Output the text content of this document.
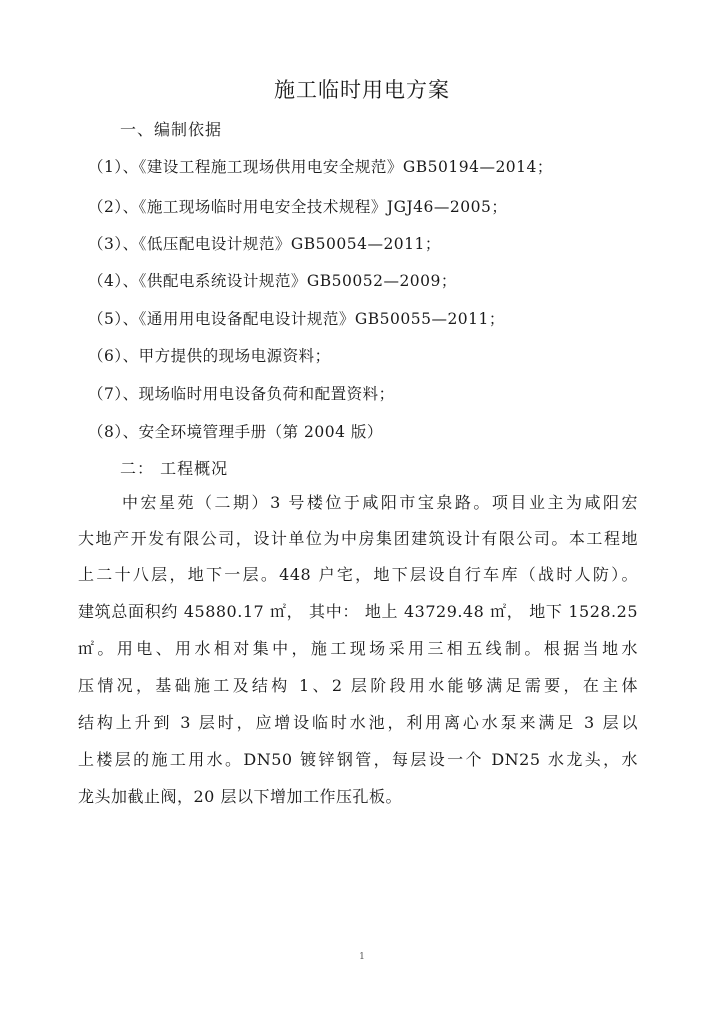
施工临时用电方案
一、编制依据
（1）、《建设工程施工现场供用电安全规范》GB50194—2014；
（2）、《施工现场临时用电安全技术规程》JGJ46—2005；
（3）、《低压配电设计规范》GB50054—2011；
（4）、《供配电系统设计规范》GB50052—2009；
（5）、《通用用电设备配电设计规范》GB50055—2011；
（6）、甲方提供的现场电源资料；
（7）、现场临时用电设备负荷和配置资料；
（8）、安全环境管理手册（第 2004 版）
二： 工程概况
中宏星苑（二期）3 号楼位于咸阳市宝泉路。项目业主为咸阳宏
大地产开发有限公司，设计单位为中房集团建筑设计有限公司。本工程地
上二十八层，地下一层。448 户宅，地下层设自行车库（战时人防）。
建筑总面积约 45880.17 ㎡， 其中： 地上 43729.48 ㎡， 地下 1528.25
㎡。用电、用水相对集中，施工现场采用三相五线制。根据当地水
压情况，基础施工及结构 1、2 层阶段用水能够满足需要，在主体
结构上升到 3 层时，应增设临时水池，利用离心水泵来满足 3 层以
上楼层的施工用水。DN50 镀锌钢管，每层设一个 DN25 水龙头，水
龙头加截止阀，20 层以下增加工作压孔板。
1
